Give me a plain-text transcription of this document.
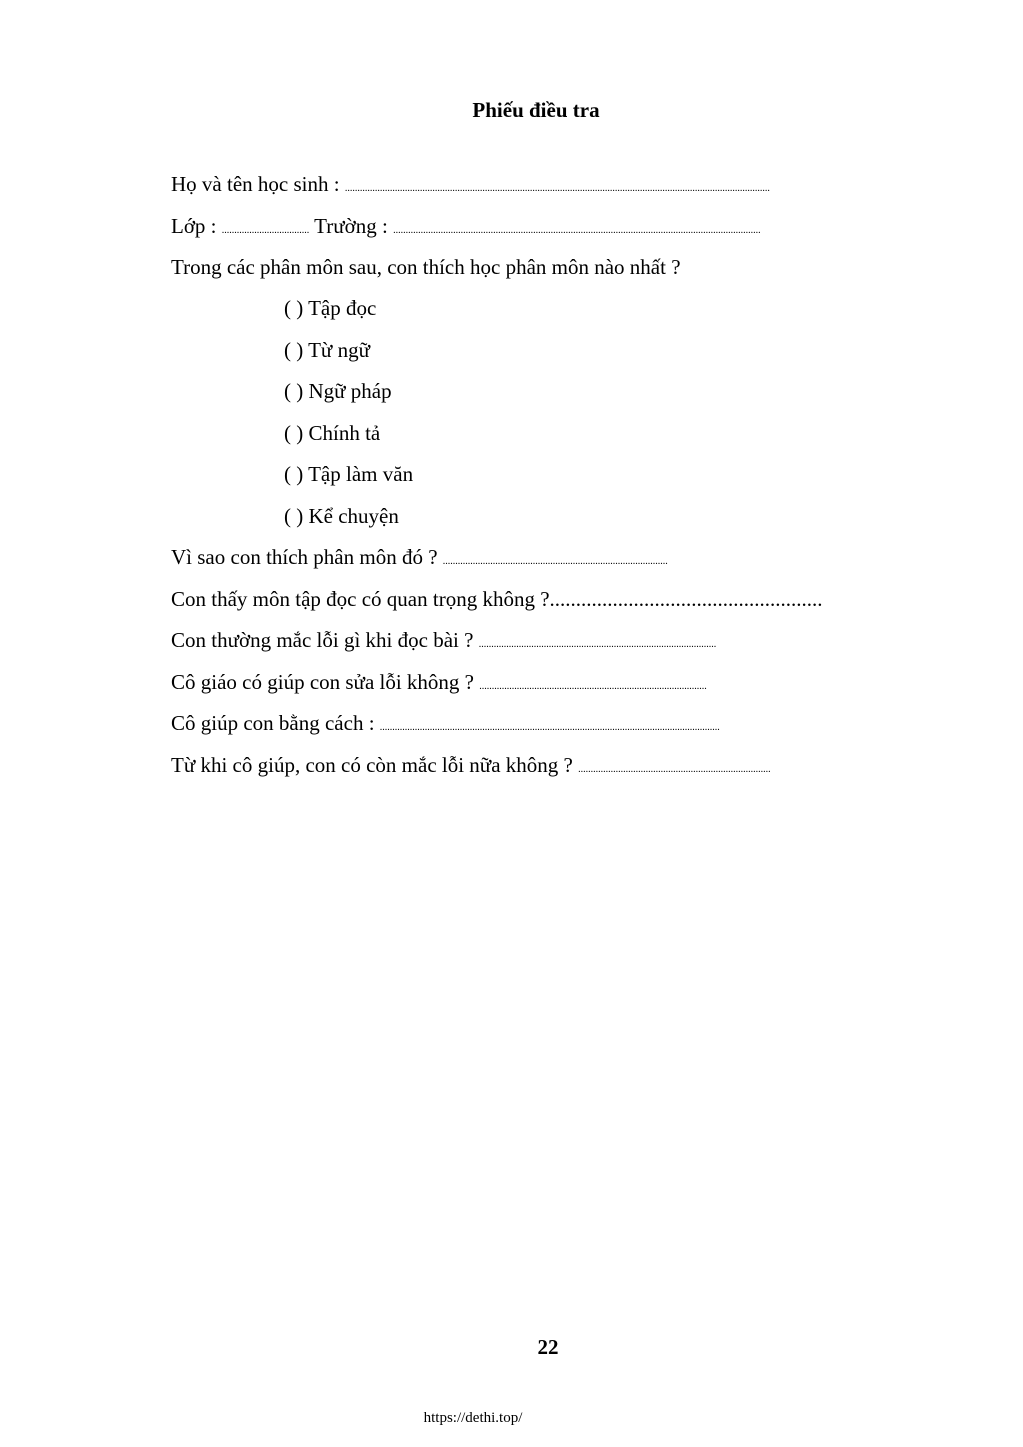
Phiếu điều tra
Họ và tên học sinh : ..........................................................................................................................................................................
Lớp : ................................... Trường : ...................................................................................................................................................
Trong các phân môn sau, con thích học phân môn nào nhất ?
( ) Tập đọc
( ) Từ ngữ
( ) Ngữ pháp
( ) Chính tả
( ) Tập làm văn
( ) Kể chuyện
Vì sao con thích phân môn đó ? ..........................................................................................
Con thấy môn tập đọc có quan trọng không ?....................................................
Con thường mắc lỗi gì khi đọc bài ? ...............................................................................................
Cô giáo có giúp con sửa lỗi không ? ...........................................................................................
Cô giúp con bằng cách : ........................................................................................................................................
Từ khi cô giúp, con có còn mắc lỗi nữa không ? .............................................................................
22
https://dethi.top/
